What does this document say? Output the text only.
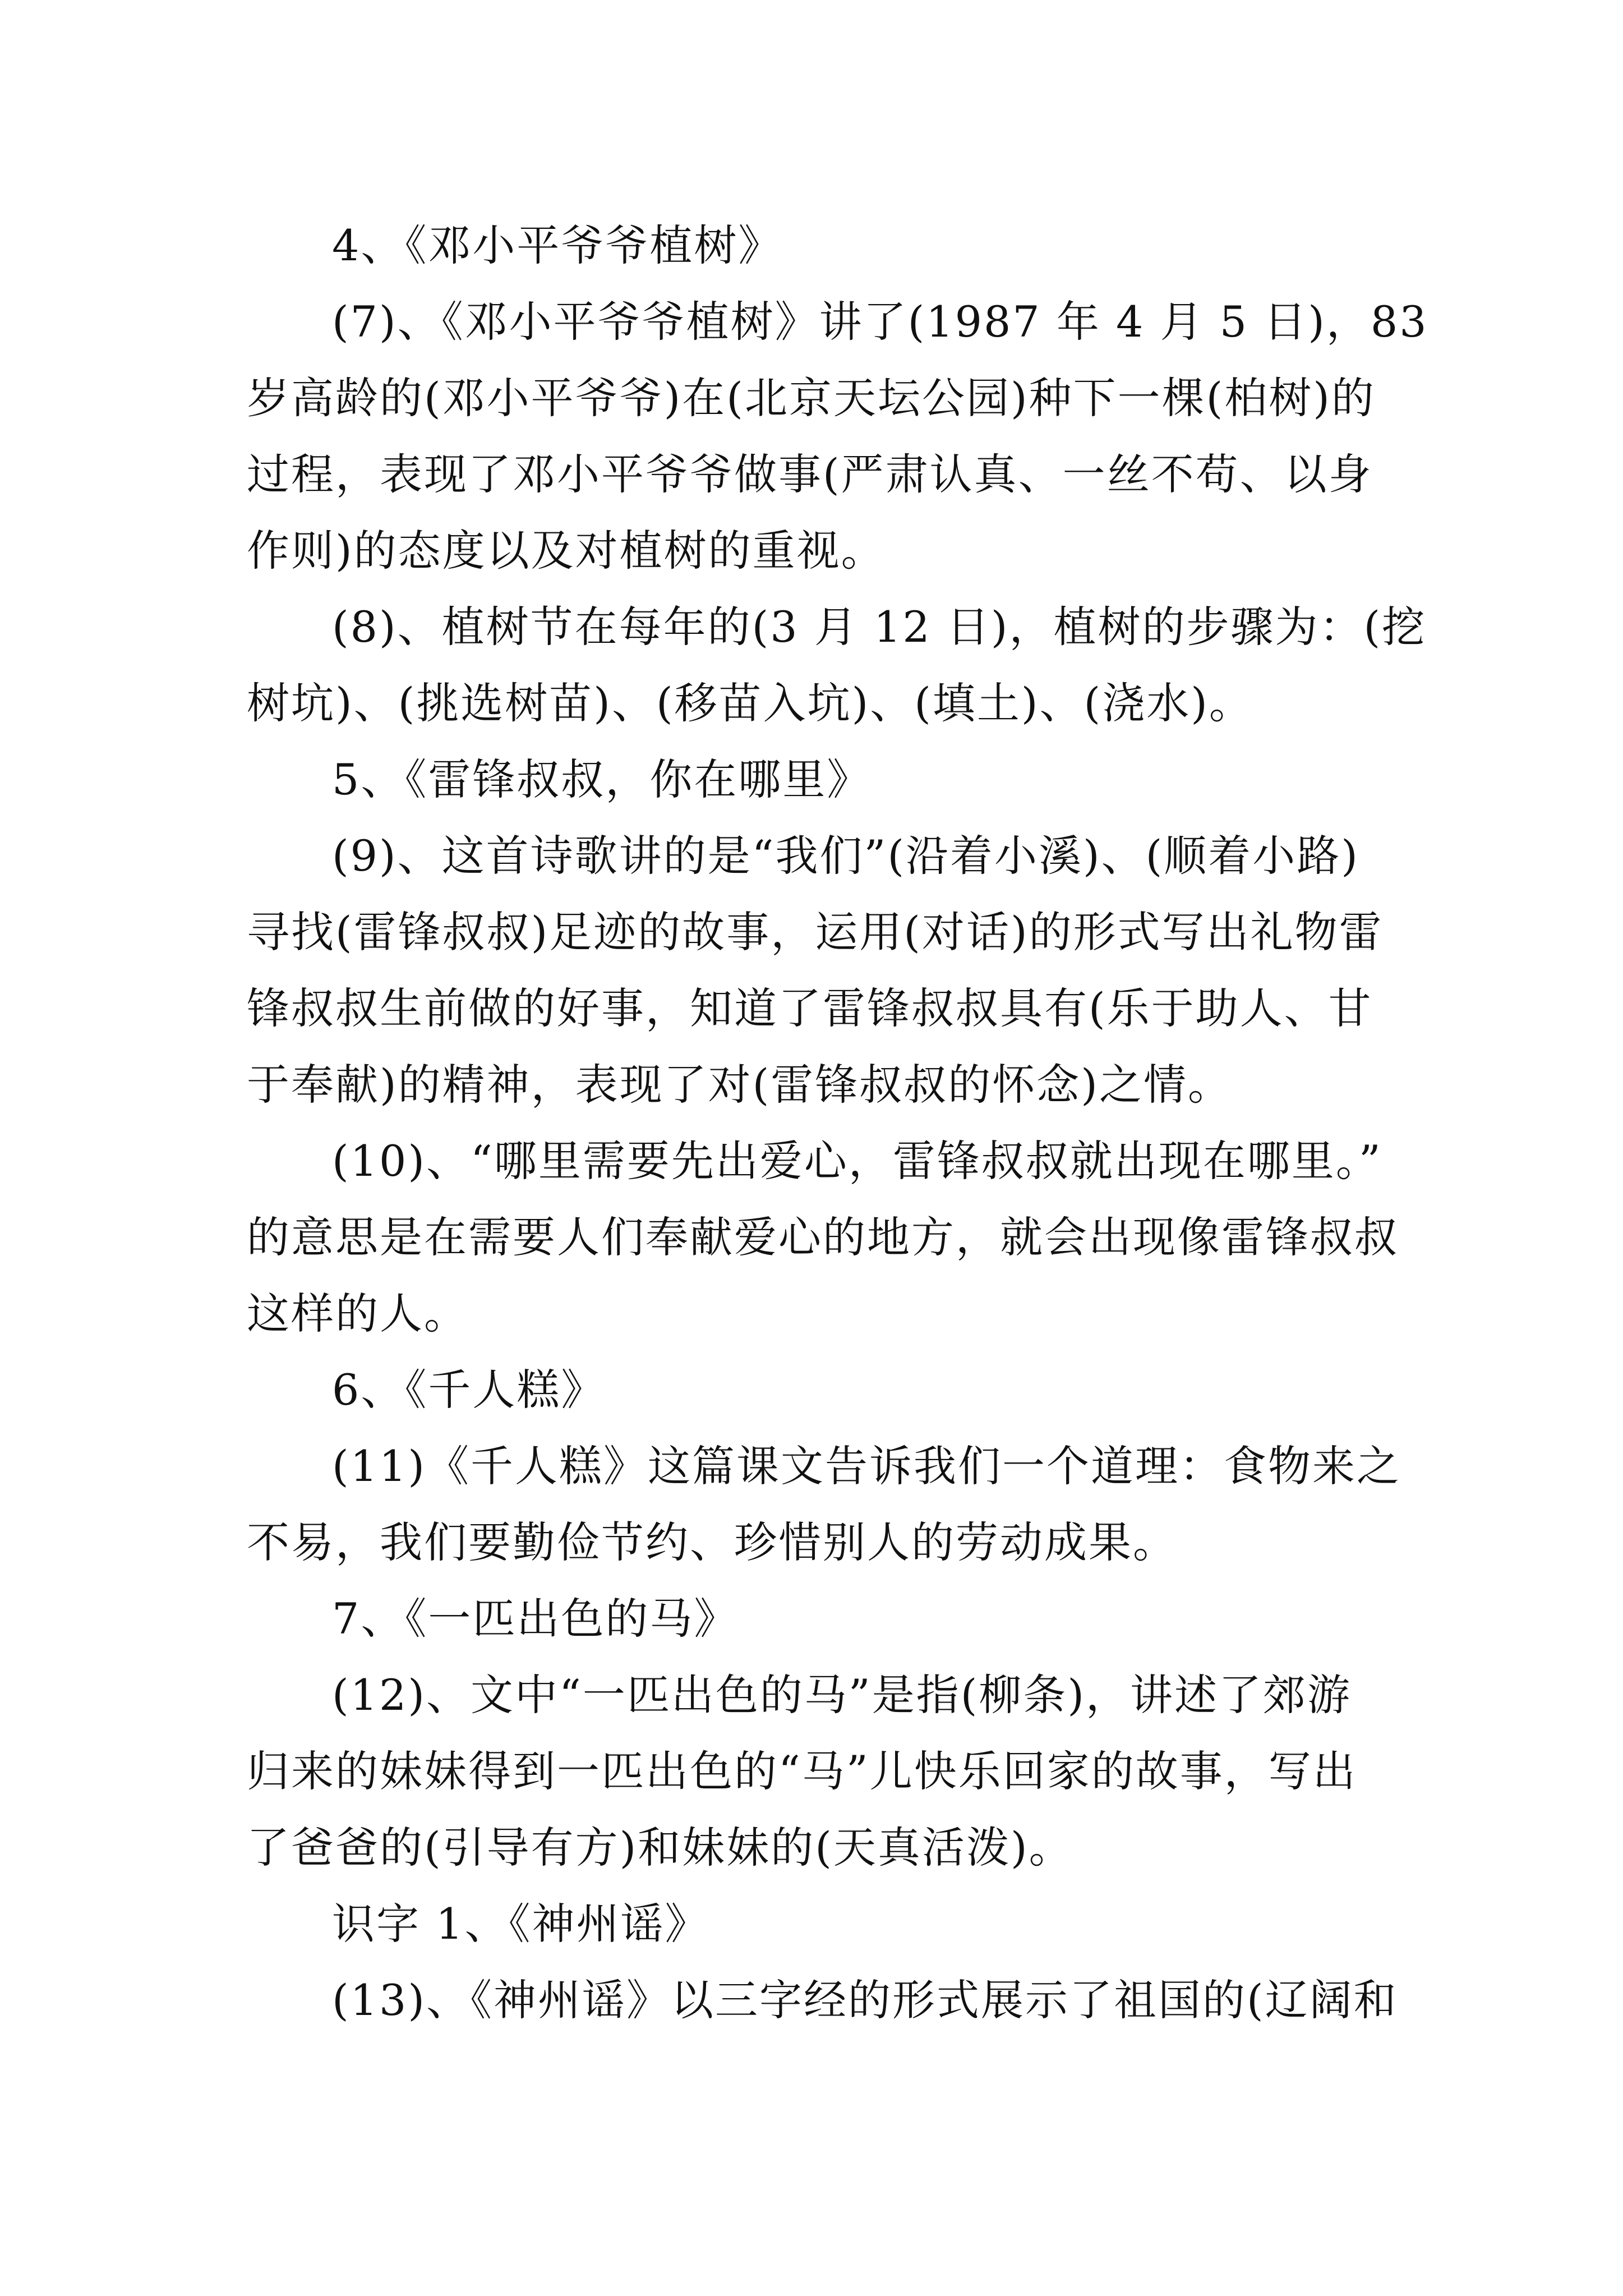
4、《邓小平爷爷植树》
(7)、《邓小平爷爷植树》讲了(1987 年 4 月 5 日)，83
岁高龄的(邓小平爷爷)在(北京天坛公园)种下一棵(柏树)的
过程，表现了邓小平爷爷做事(严肃认真、一丝不苟、以身
作则)的态度以及对植树的重视。
(8)、植树节在每年的(3 月 12 日)，植树的步骤为：(挖
树坑)、(挑选树苗)、(移苗入坑)、(填土)、(浇水)。
5、《雷锋叔叔，你在哪里》
(9)、这首诗歌讲的是“我们”(沿着小溪)、(顺着小路)
寻找(雷锋叔叔)足迹的故事，运用(对话)的形式写出礼物雷
锋叔叔生前做的好事，知道了雷锋叔叔具有(乐于助人、甘
于奉献)的精神，表现了对(雷锋叔叔的怀念)之情。
(10)、“哪里需要先出爱心，雷锋叔叔就出现在哪里。”
的意思是在需要人们奉献爱心的地方，就会出现像雷锋叔叔
这样的人。
6、《千人糕》
(11)《千人糕》这篇课文告诉我们一个道理：食物来之
不易，我们要勤俭节约、珍惜别人的劳动成果。
7、《一匹出色的马》
(12)、文中“一匹出色的马”是指(柳条)，讲述了郊游
归来的妹妹得到一匹出色的“马”儿快乐回家的故事，写出
了爸爸的(引导有方)和妹妹的(天真活泼)。
识字 1、《神州谣》
(13)、《神州谣》以三字经的形式展示了祖国的(辽阔和
